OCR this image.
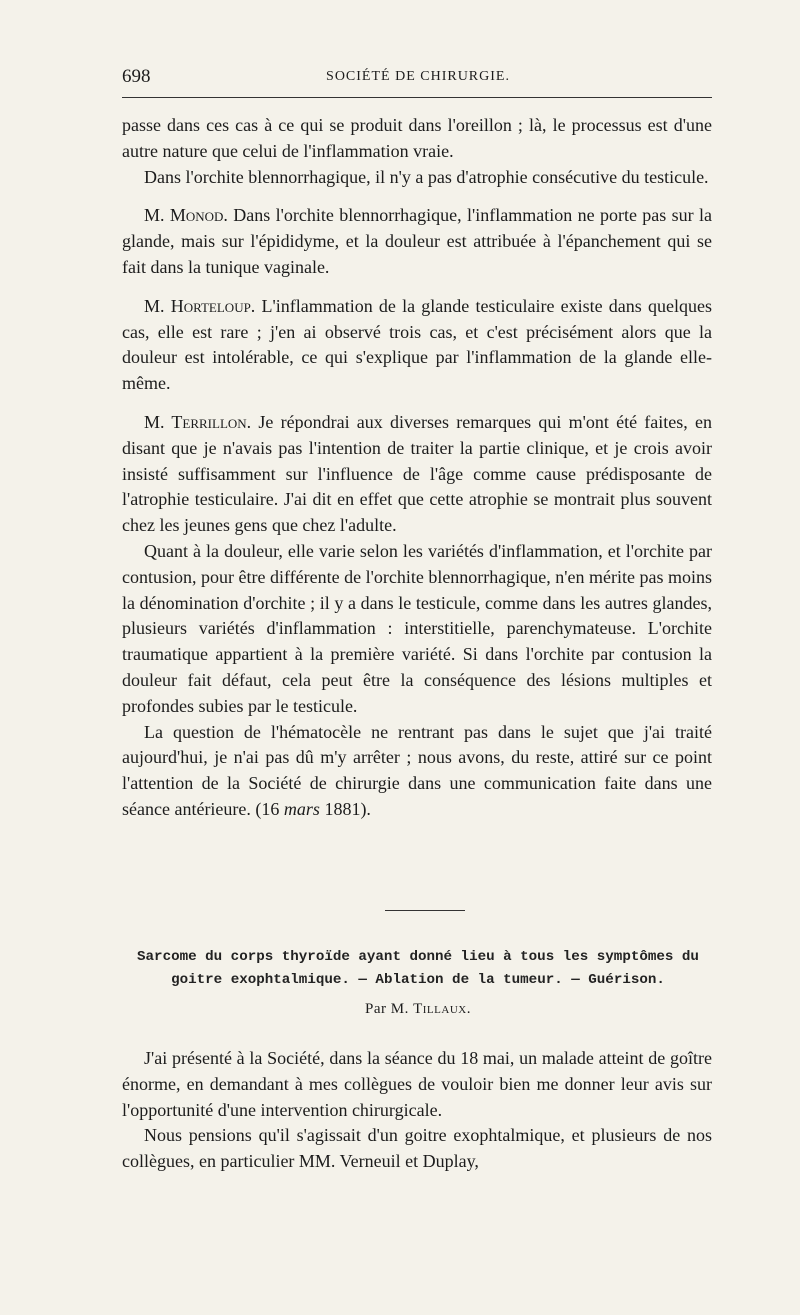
698	SOCIÉTÉ DE CHIRURGIE.

passe dans ces cas à ce qui se produit dans l'oreillon ; là, le processus est d'une autre nature que celui de l'inflammation vraie.

Dans l'orchite blennorrhagique, il n'y a pas d'atrophie consécutive du testicule.

M. Monod. Dans l'orchite blennorrhagique, l'inflammation ne porte pas sur la glande, mais sur l'épididyme, et la douleur est attribuée à l'épanchement qui se fait dans la tunique vaginale.

M. Horteloup. L'inflammation de la glande testiculaire existe dans quelques cas, elle est rare ; j'en ai observé trois cas, et c'est précisément alors que la douleur est intolérable, ce qui s'explique par l'inflammation de la glande elle-même.

M. Terrillon. Je répondrai aux diverses remarques qui m'ont été faites, en disant que je n'avais pas l'intention de traiter la partie clinique, et je crois avoir insisté suffisamment sur l'influence de l'âge comme cause prédisposante de l'atrophie testiculaire. J'ai dit en effet que cette atrophie se montrait plus souvent chez les jeunes gens que chez l'adulte.

Quant à la douleur, elle varie selon les variétés d'inflammation, et l'orchite par contusion, pour être différente de l'orchite blennorrhagique, n'en mérite pas moins la dénomination d'orchite ; il y a dans le testicule, comme dans les autres glandes, plusieurs variétés d'inflammation : interstitielle, parenchymateuse. L'orchite traumatique appartient à la première variété. Si dans l'orchite par contusion la douleur fait défaut, cela peut être la conséquence des lésions multiples et profondes subies par le testicule.

La question de l'hématocèle ne rentrant pas dans le sujet que j'ai traité aujourd'hui, je n'ai pas dû m'y arrêter ; nous avons, du reste, attiré sur ce point l'attention de la Société de chirurgie dans une communication faite dans une séance antérieure. (16 mars 1881).

Sarcome du corps thyroïde ayant donné lieu à tous les symptômes du
goitre exophtalmique. — Ablation de la tumeur. — Guérison.
Par M. Tillaux.

J'ai présenté à la Société, dans la séance du 18 mai, un malade atteint de goître énorme, en demandant à mes collègues de vouloir bien me donner leur avis sur l'opportunité d'une intervention chirurgicale.

Nous pensions qu'il s'agissait d'un goitre exophtalmique, et plusieurs de nos collègues, en particulier MM. Verneuil et Duplay,
